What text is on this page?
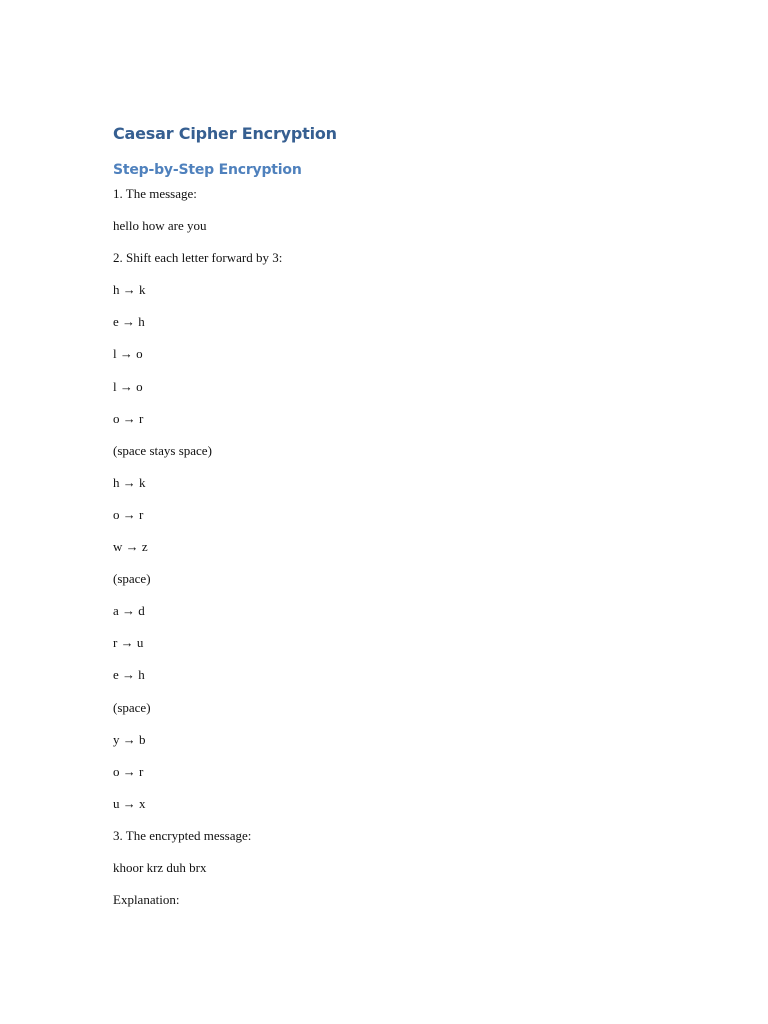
Caesar Cipher Encryption
Step-by-Step Encryption
1. The message:
hello how are you
2. Shift each letter forward by 3:
h → k
e → h
l → o
l → o
o → r
(space stays space)
h → k
o → r
w → z
(space)
a → d
r → u
e → h
(space)
y → b
o → r
u → x
3. The encrypted message:
khoor krz duh brx
Explanation:
